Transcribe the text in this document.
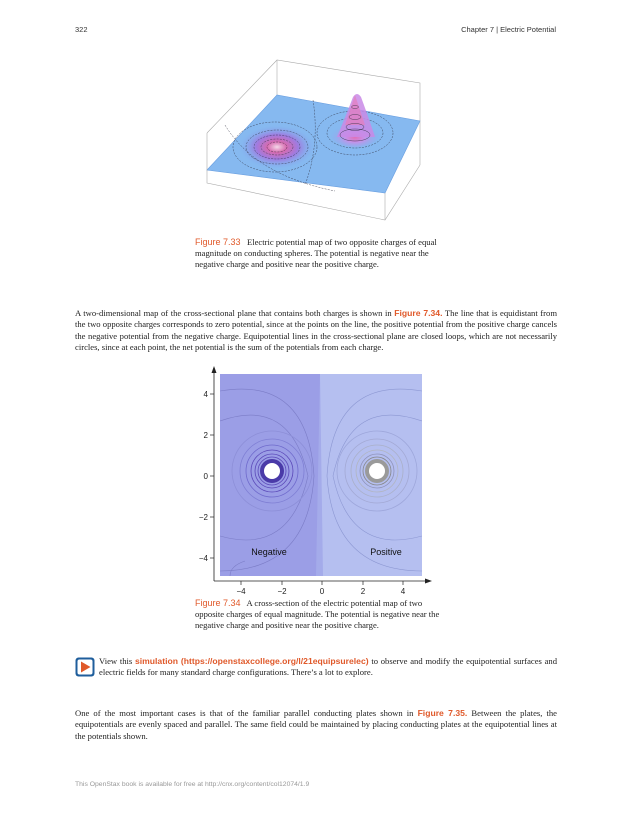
322	Chapter 7 | Electric Potential
Figure 7.33 Electric potential map of two opposite charges of equal magnitude on conducting spheres. The potential is negative near the negative charge and positive near the positive charge.
A two-dimensional map of the cross-sectional plane that contains both charges is shown in Figure 7.34. The line that is equidistant from the two opposite charges corresponds to zero potential, since at the points on the line, the positive potential from the positive charge cancels the negative potential from the negative charge. Equipotential lines in the cross-sectional plane are closed loops, which are not necessarily circles, since at each point, the net potential is the sum of the potentials from each charge.
Negative	Positive
4
2
0
−2
−4
−4	−2	0	2	4
Figure 7.34 A cross-section of the electric potential map of two opposite charges of equal magnitude. The potential is negative near the negative charge and positive near the positive charge.
View this simulation (https://openstaxcollege.org/l/21equipsurelec) to observe and modify the equipotential surfaces and electric fields for many standard charge configurations. There’s a lot to explore.
One of the most important cases is that of the familiar parallel conducting plates shown in Figure 7.35. Between the plates, the equipotentials are evenly spaced and parallel. The same field could be maintained by placing conducting plates at the equipotential lines at the potentials shown.
This OpenStax book is available for free at http://cnx.org/content/col12074/1.9
